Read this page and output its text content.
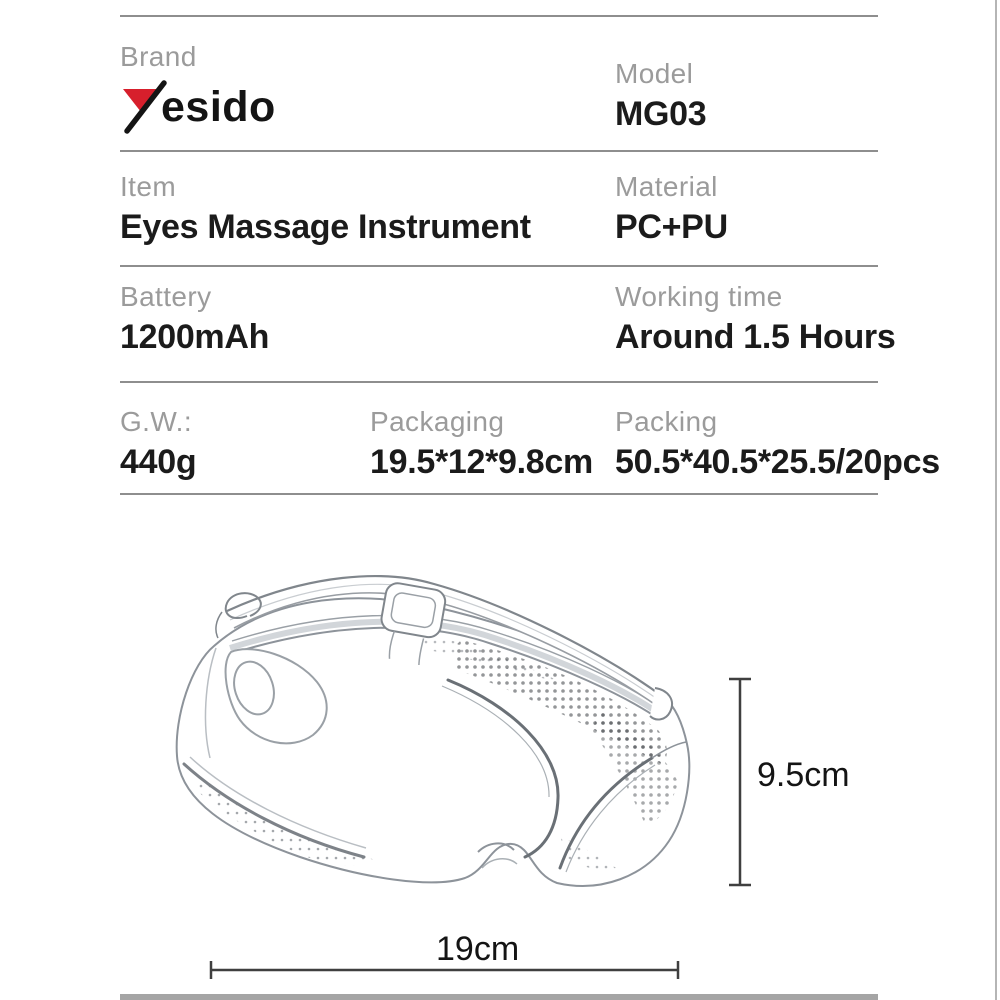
Brand
esido
Model
MG03
Item
Eyes Massage Instrument
Material
PC+PU
Battery
1200mAh
Working time
Around 1.5 Hours
G.W.:
440g
Packaging
19.5*12*9.8cm
Packing
50.5*40.5*25.5/20pcs
9.5cm
19cm
